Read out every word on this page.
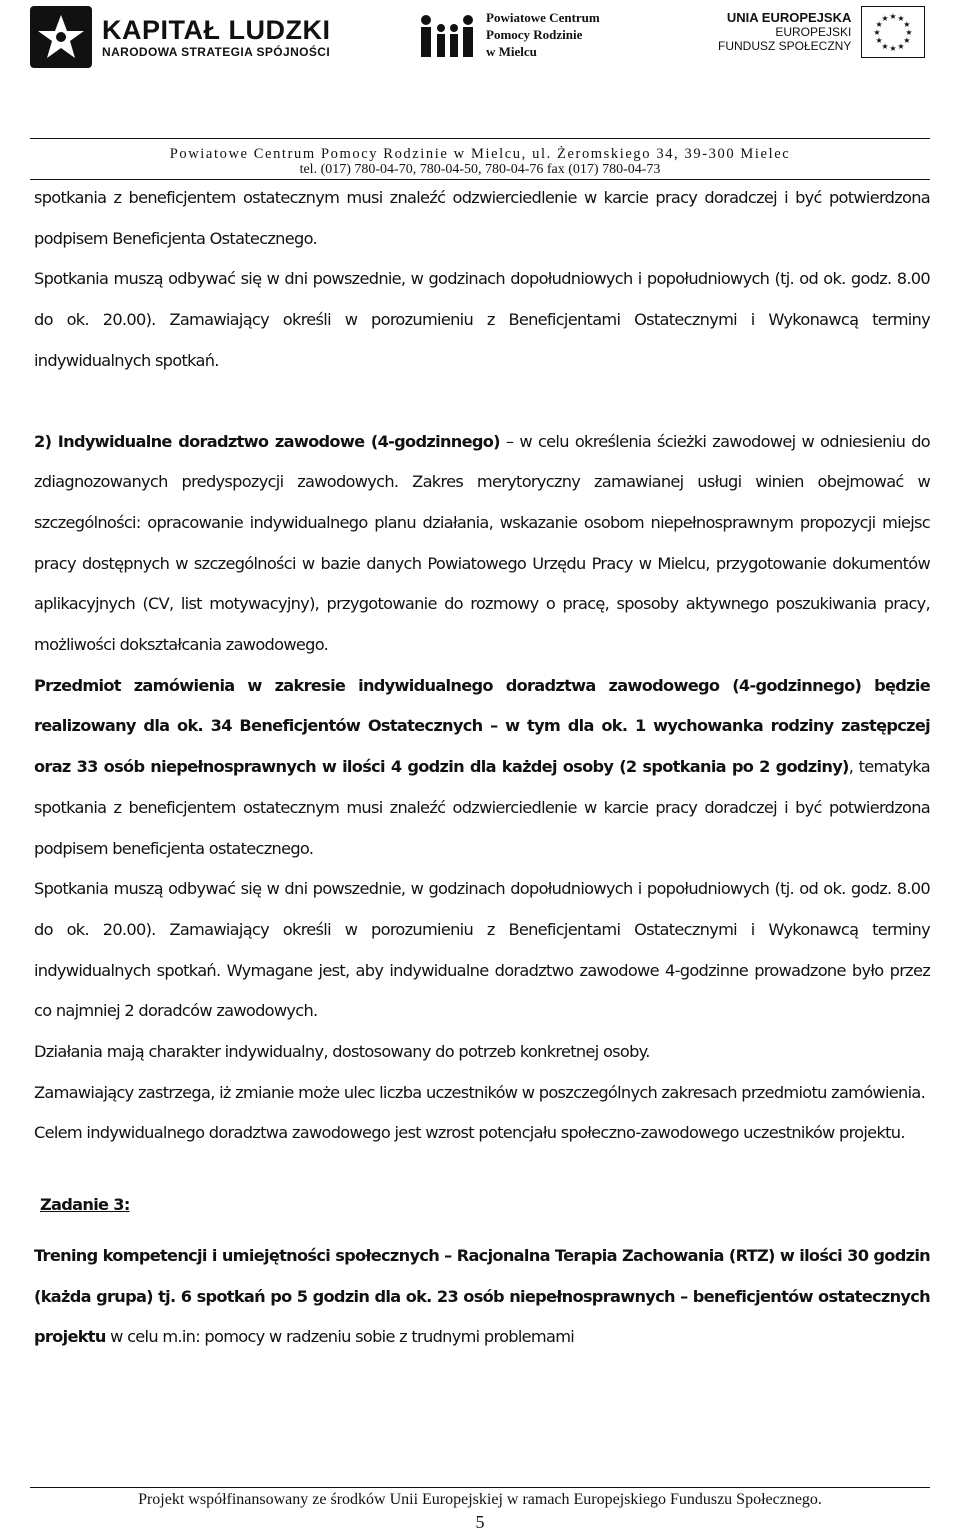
KAPITAŁ LUDZKI
NARODOWA STRATEGIA SPÓJNOŚCI
Powiatowe Centrum
Pomocy Rodzinie
w Mielcu
UNIA EUROPEJSKA
EUROPEJSKI
FUNDUSZ SPOŁECZNY
★ ★
★
★
★
★
★
★
★
★
★
★
Powiatowe Centrum Pomocy Rodzinie w Mielcu, ul. Żeromskiego 34, 39-300 Mielec
tel. (017) 780-04-70, 780-04-50, 780-04-76 fax (017) 780-04-73

spotkania z beneficjentem ostatecznym musi znaleźć odzwierciedlenie w karcie pracy doradczej i być potwierdzona podpisem Beneficjenta Ostatecznego.

Spotkania muszą odbywać się w dni powszednie, w godzinach dopołudniowych i popołudniowych (tj. od ok. godz. 8.00 do ok. 20.00). Zamawiający określi w porozumieniu z Beneficjentami Ostatecznymi i Wykonawcą terminy indywidualnych spotkań.

2) Indywidualne doradztwo zawodowe (4-godzinnego) – w celu określenia ścieżki zawodowej w odniesieniu do zdiagnozowanych predyspozycji zawodowych. Zakres merytoryczny zamawianej usługi winien obejmować w szczególności: opracowanie indywidualnego planu działania, wskazanie osobom niepełnosprawnym propozycji miejsc pracy dostępnych w szczególności w bazie danych Powiatowego Urzędu Pracy w Mielcu, przygotowanie dokumentów aplikacyjnych (CV, list motywacyjny), przygotowanie do rozmowy o pracę, sposoby aktywnego poszukiwania pracy, możliwości dokształcania zawodowego.

Przedmiot zamówienia w zakresie indywidualnego doradztwa zawodowego (4-godzinnego) będzie realizowany dla ok. 34 Beneficjentów Ostatecznych – w tym dla ok. 1 wychowanka rodziny zastępczej oraz 33 osób niepełnosprawnych w ilości 4 godzin dla każdej osoby (2 spotkania po 2 godziny), tematyka spotkania z beneficjentem ostatecznym musi znaleźć odzwierciedlenie w karcie pracy doradczej i być potwierdzona podpisem beneficjenta ostatecznego.

Spotkania muszą odbywać się w dni powszednie, w godzinach dopołudniowych i popołudniowych (tj. od ok. godz. 8.00 do ok. 20.00). Zamawiający określi w porozumieniu z Beneficjentami Ostatecznymi i Wykonawcą terminy indywidualnych spotkań. Wymagane jest, aby indywidualne doradztwo zawodowe 4-godzinne prowadzone było przez co najmniej 2 doradców zawodowych.

Działania mają charakter indywidualny, dostosowany do potrzeb konkretnej osoby.

Zamawiający zastrzega, iż zmianie może ulec liczba uczestników w poszczególnych zakresach przedmiotu zamówienia.

Celem indywidualnego doradztwa zawodowego jest wzrost potencjału społeczno-zawodowego uczestników projektu.

Zadanie 3:

Trening kompetencji i umiejętności społecznych – Racjonalna Terapia Zachowania (RTZ) w ilości 30 godzin (każda grupa) tj. 6 spotkań po 5 godzin dla ok. 23 osób niepełnosprawnych – beneficjentów ostatecznych projektu w celu m.in: pomocy w radzeniu sobie z trudnymi problemami

Projekt współfinansowany ze środków Unii Europejskiej w ramach Europejskiego Funduszu Społecznego.
5
